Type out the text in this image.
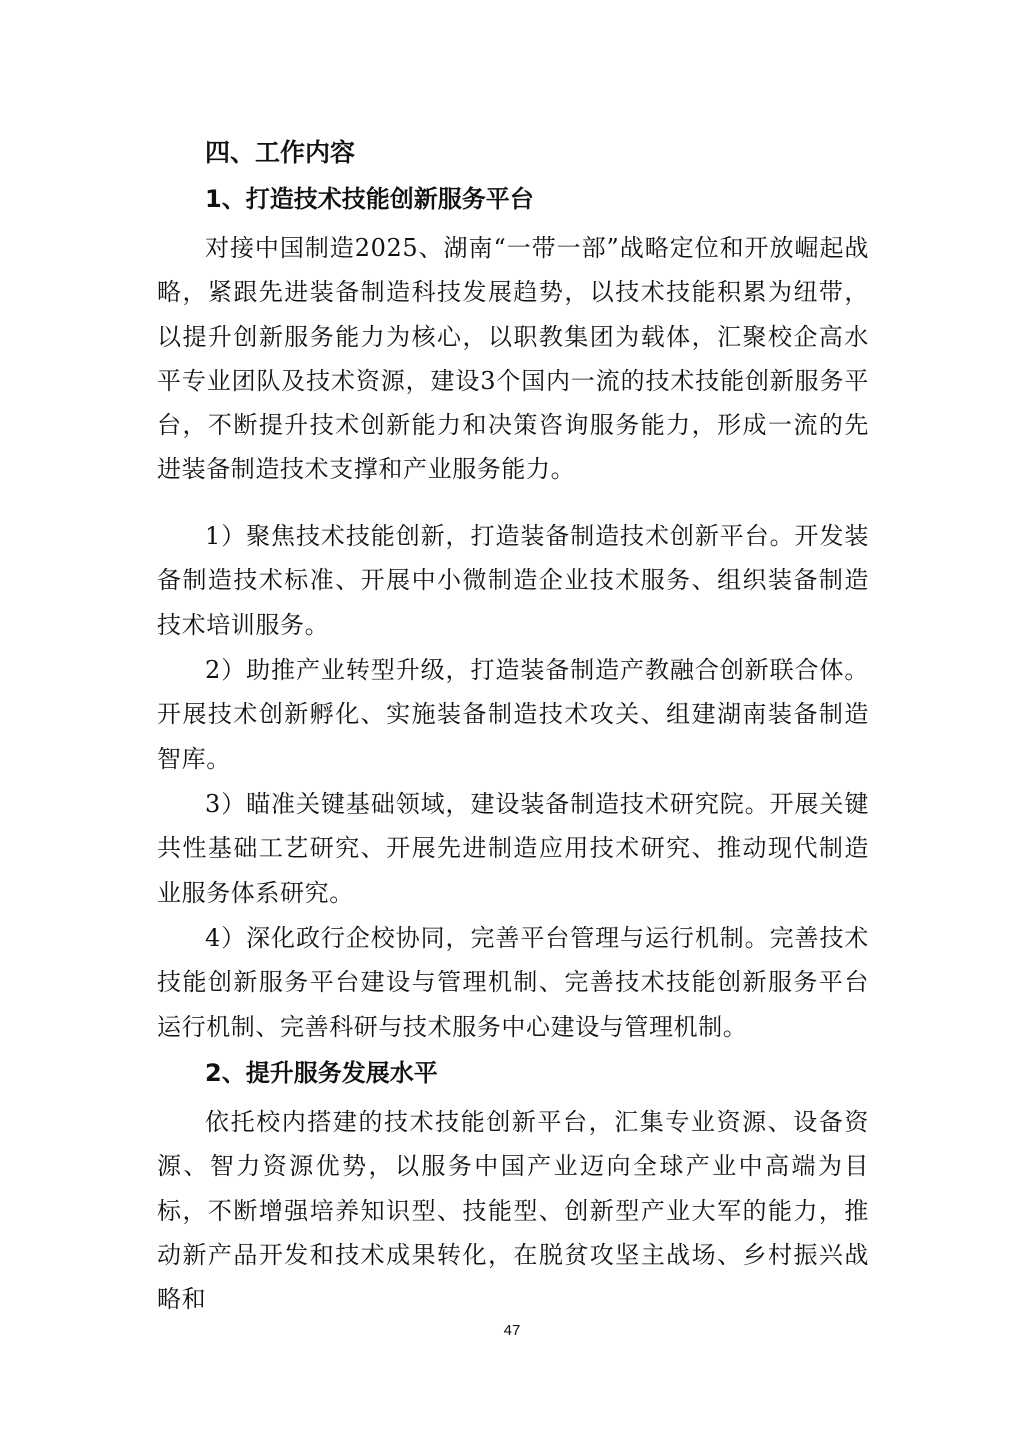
四、工作内容
1、打造技术技能创新服务平台

对接中国制造2025、湖南“一带一部”战略定位和开放崛起战略，紧跟先进装备制造科技发展趋势，以技术技能积累为纽带，以提升创新服务能力为核心，以职教集团为载体，汇聚校企高水平专业团队及技术资源，建设3个国内一流的技术技能创新服务平台，不断提升技术创新能力和决策咨询服务能力，形成一流的先进装备制造技术支撑和产业服务能力。

1）聚焦技术技能创新，打造装备制造技术创新平台。开发装备制造技术标准、开展中小微制造企业技术服务、组织装备制造技术培训服务。

2）助推产业转型升级，打造装备制造产教融合创新联合体。开展技术创新孵化、实施装备制造技术攻关、组建湖南装备制造智库。

3）瞄准关键基础领域，建设装备制造技术研究院。开展关键共性基础工艺研究、开展先进制造应用技术研究、推动现代制造业服务体系研究。

4）深化政行企校协同，完善平台管理与运行机制。完善技术技能创新服务平台建设与管理机制、完善技术技能创新服务平台运行机制、完善科研与技术服务中心建设与管理机制。

2、提升服务发展水平

依托校内搭建的技术技能创新平台，汇集专业资源、设备资源、智力资源优势，以服务中国产业迈向全球产业中高端为目标，不断增强培养知识型、技能型、创新型产业大军的能力，推动新产品开发和技术成果转化，在脱贫攻坚主战场、乡村振兴战略和

47
